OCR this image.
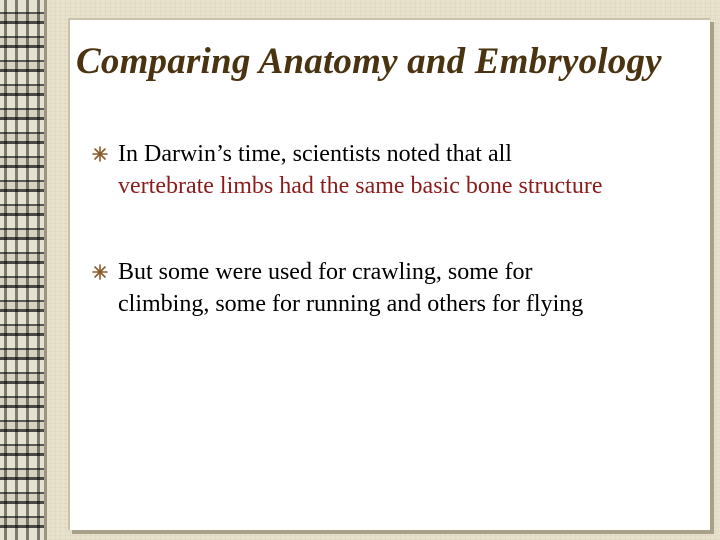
Comparing Anatomy and Embryology
In Darwin’s time, scientists noted that all
vertebrate limbs had the same basic bone structure
But some were used for crawling, some for
climbing, some for running and others for flying
